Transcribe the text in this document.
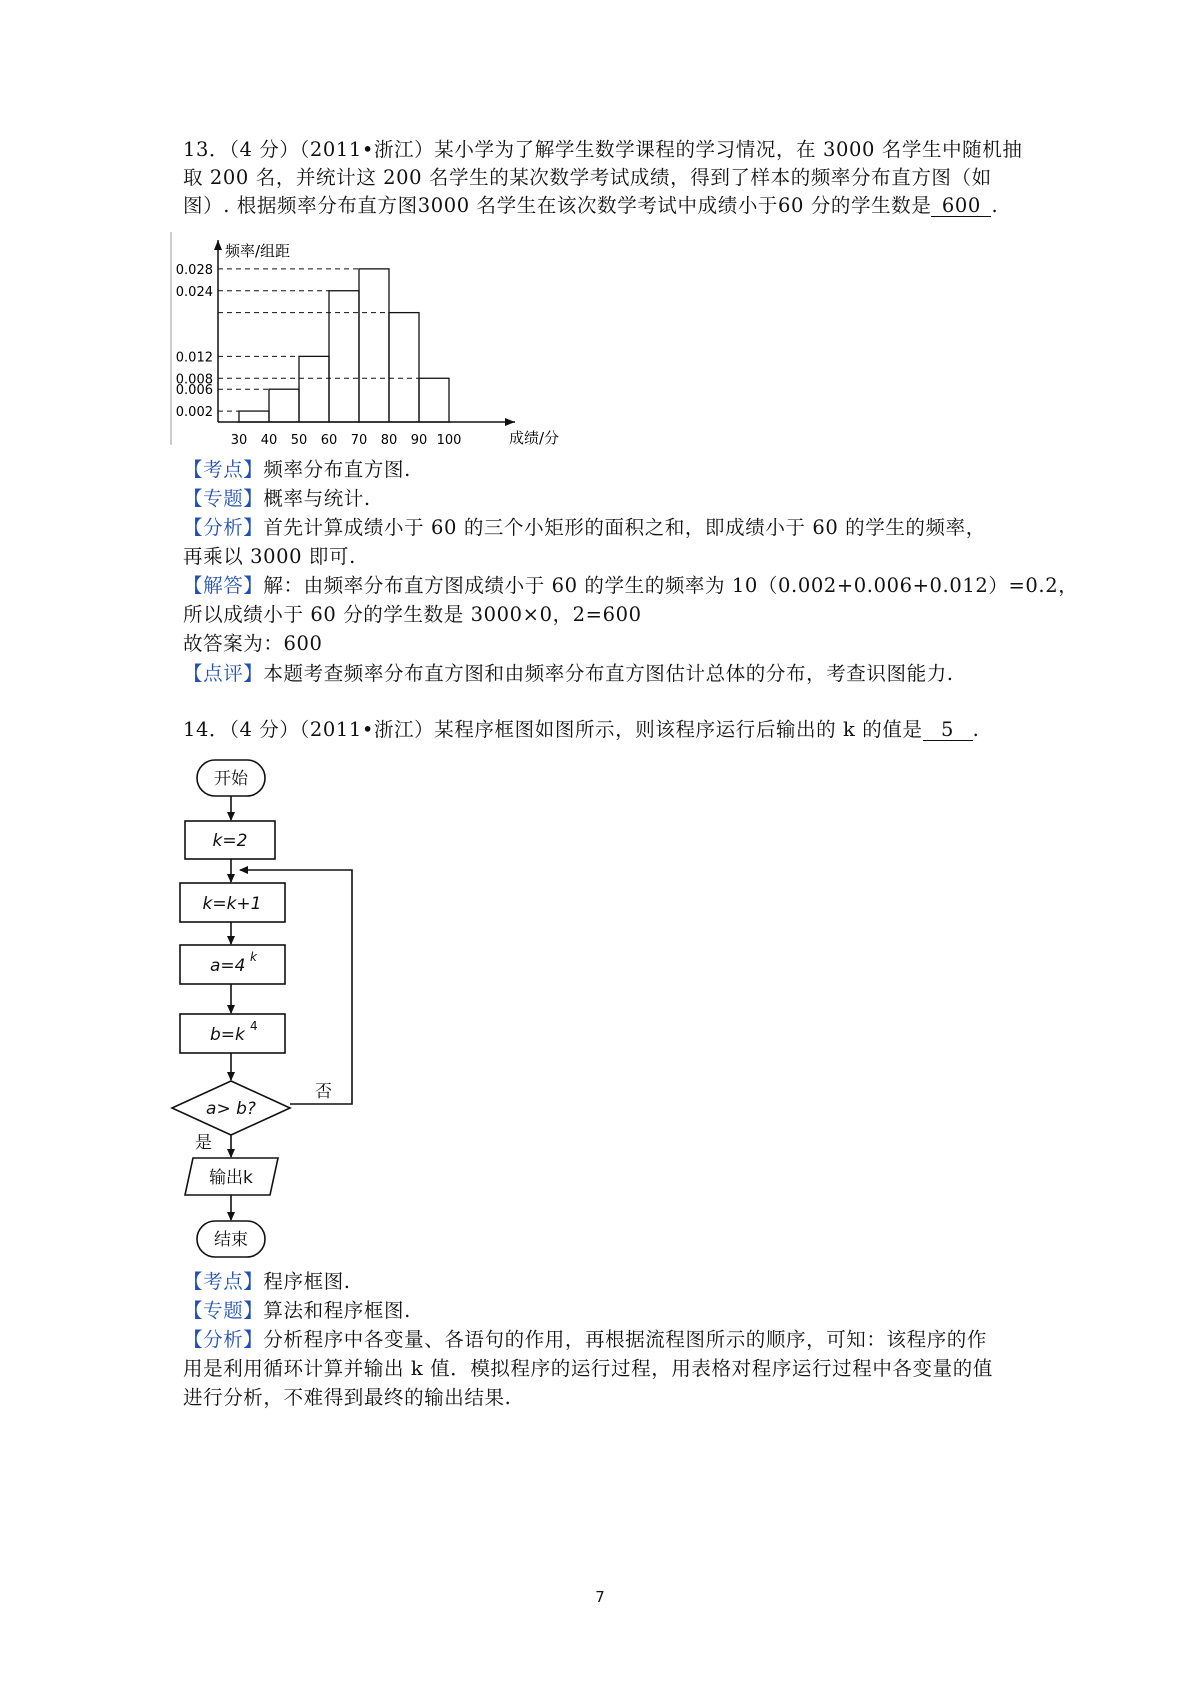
13．（4 分）（2011•浙江）某小学为了解学生数学课程的学习情况，在 3000 名学生中随机抽
取 200 名，并统计这 200 名学生的某次数学考试成绩，得到了样本的频率分布直方图（如
图）. 根据频率分布直方图3000 名学生在该次数学考试中成绩小于60 分的学生数是 600 .
频率/组距
成绩/分
0.028
0.024
0.012
0.008
0.006
0.002
30 40 50 60 70 80 90 100
【考点】频率分布直方图.
【专题】概率与统计.
【分析】首先计算成绩小于 60 的三个小矩形的面积之和，即成绩小于 60 的学生的频率，
再乘以 3000 即可.
【解答】解：由频率分布直方图成绩小于 60 的学生的频率为 10（0.002+0.006+0.012）=0.2，
所以成绩小于 60 分的学生数是 3000×0，2=600
故答案为：600
【点评】本题考查频率分布直方图和由频率分布直方图估计总体的分布，考查识图能力.
14．（4 分）（2011•浙江）某程序框图如图所示，则该程序运行后输出的 k 的值是 5 .
开始
k=2
k=k+1
a=4 k
b=k 4
a> b?
否
是
输出k
结束
【考点】程序框图.
【专题】算法和程序框图.
【分析】分析程序中各变量、各语句的作用，再根据流程图所示的顺序，可知：该程序的作
用是利用循环计算并输出 k 值．模拟程序的运行过程，用表格对程序运行过程中各变量的值
进行分析，不难得到最终的输出结果.
7
